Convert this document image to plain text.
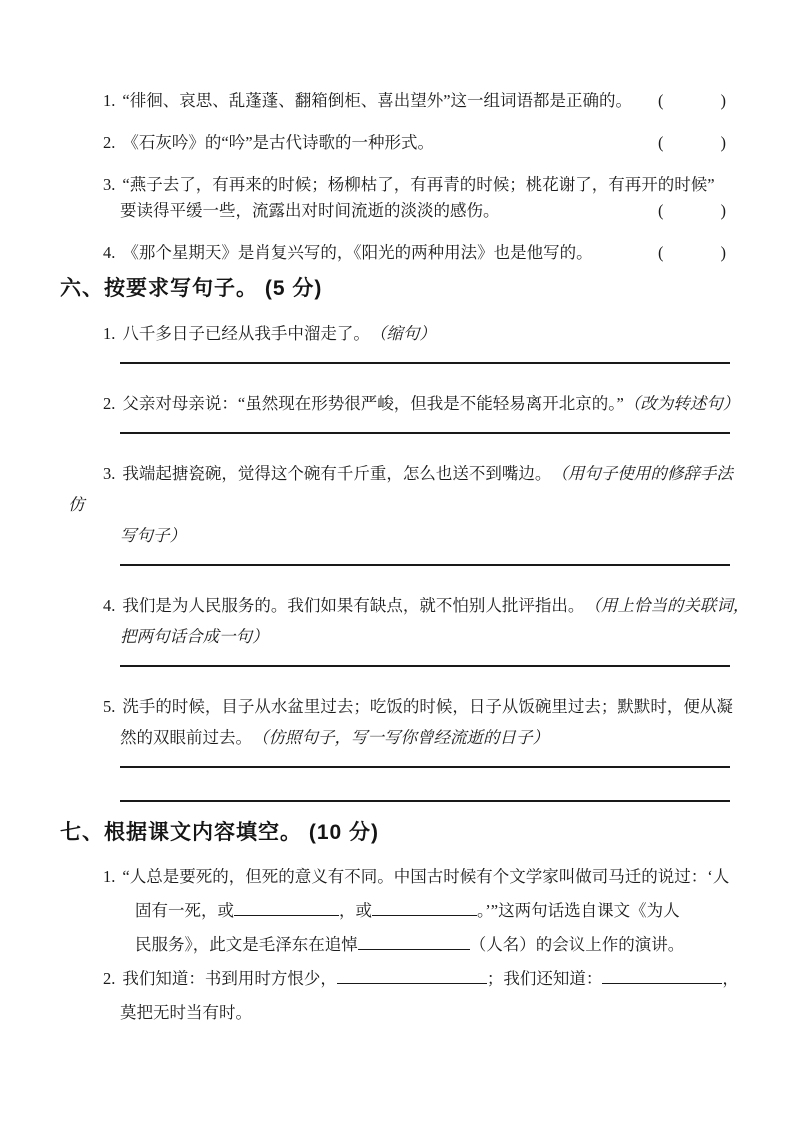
1. “徘徊、哀思、乱蓬蓬、翻箱倒柜、喜出望外”这一组词语都是正确的。 (	)
2. 《石灰吟》的“吟”是古代诗歌的一种形式。	(	)
3. “燕子去了，有再来的时候；杨柳枯了，有再青的时候；桃花谢了，有再开的时候”
要读得平缓一些，流露出对时间流逝的淡淡的感伤。	(	)
4. 《那个星期天》是肖复兴写的，《阳光的两种用法》也是他写的。	(	)
六、按要求写句子。 (5 分)
1. 八千多日子已经从我手中溜走了。 （缩句）
2. 父亲对母亲说：“虽然现在形势很严峻，但我是不能轻易离开北京的。” （改为转述句）
3. 我端起搪瓷碗，觉得这个碗有千斤重，怎么也送不到嘴边。 （用句子使用的修辞手法
仿
写句子）
4. 我们是为人民服务的。我们如果有缺点，就不怕别人批评指出。 （用上恰当的关联词，
把两句话合成一句）
5. 洗手的时候，目子从水盆里过去；吃饭的时候，日子从饭碗里过去；默默时，便从凝
然的双眼前过去。 （仿照句子，写一写你曾经流逝的日子）
七、根据课文内容填空。 (10 分)
1. “人总是要死的，但死的意义有不同。中国古时候有个文学家叫做司马迁的说过：‘人
固有一死，或	，或	。’”这两句话选自课文《为人
民服务》，此文是毛泽东在追悼	（人名）的会议上作的演讲。
2. 我们知道：书到用时方恨少，	；我们还知道：	，
莫把无时当有时。
